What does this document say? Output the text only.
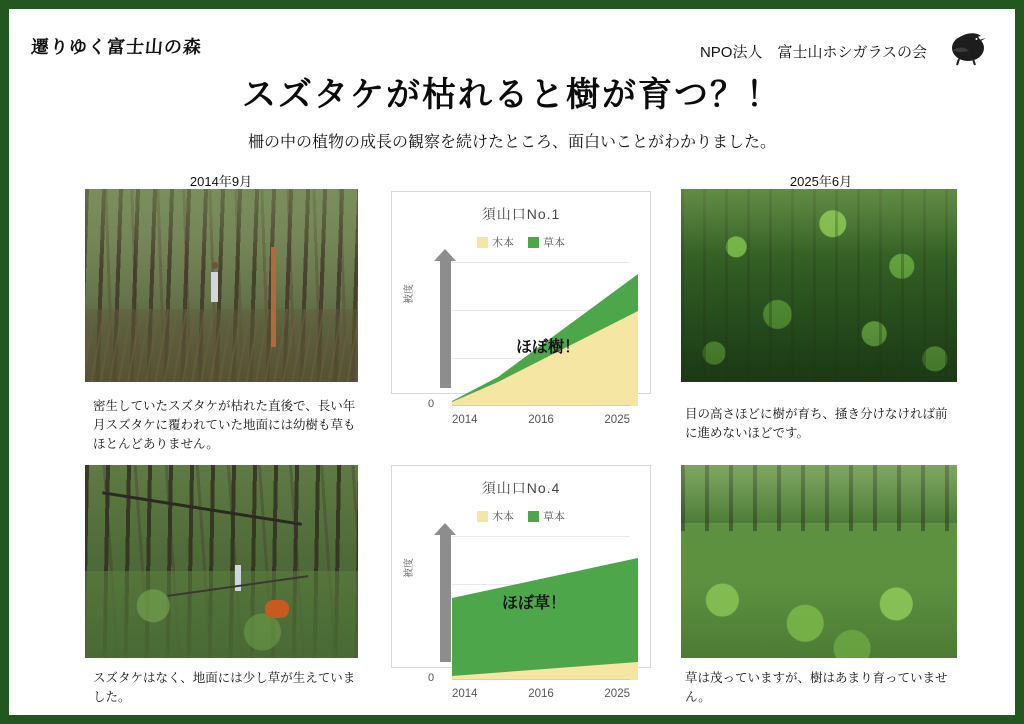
遷りゆく富士山の森	NPO法人　富士山ホシガラスの会
スズタケが枯れると樹が育つ？！
柵の中の植物の成長の観察を続けたところ、面白いことがわかりました。
2014年9月	2025年6月
密生していたスズタケが枯れた直後で、長い年月スズタケに覆われていた地面には幼樹も草もほとんどありません。
目の高さほどに樹が育ち、掻き分けなければ前に進めないほどです。
スズタケはなく、地面には少し草が生えていました。
草は茂っていますが、樹はあまり育っていません。
須山口No.1
木本	草本
被度
0
2014	2016	2025
ほぼ樹！
須山口No.4
木本	草本
被度
0
2014	2016	2025
ほぼ草！
